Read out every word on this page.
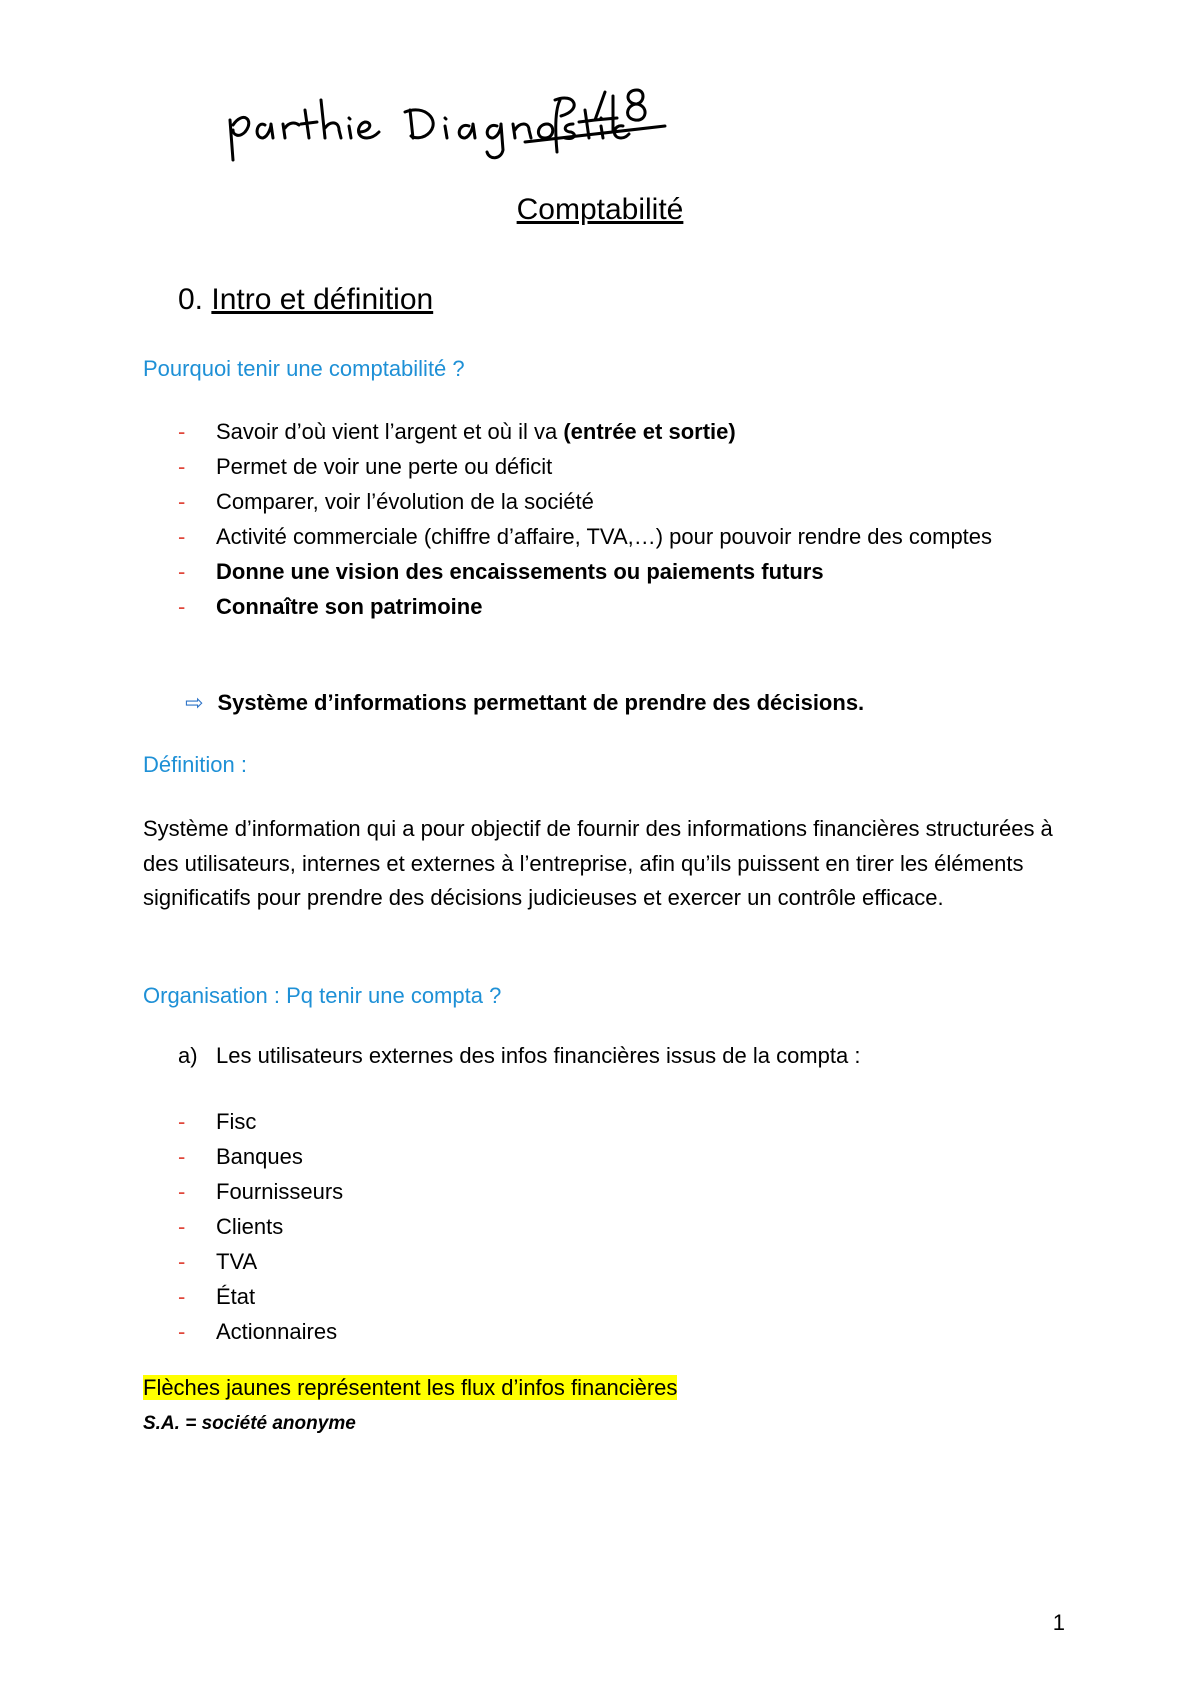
Comptabilité
0. Intro et définition
Pourquoi tenir une comptabilité ?
- Savoir d’où vient l’argent et où il va (entrée et sortie)
- Permet de voir une perte ou déficit
- Comparer, voir l’évolution de la société
- Activité commerciale (chiffre d’affaire, TVA,…) pour pouvoir rendre des comptes
- Donne une vision des encaissements ou paiements futurs
- Connaître son patrimoine
⇨ Système d’informations permettant de prendre des décisions.
Définition :

Système d’information qui a pour objectif de fournir des informations financières structurées à des utilisateurs, internes et externes à l’entreprise, afin qu’ils puissent en tirer les éléments significatifs pour prendre des décisions judicieuses et exercer un contrôle efficace.

Organisation : Pq tenir une compta ?
a) Les utilisateurs externes des infos financières issus de la compta :
- Fisc
- Banques
- Fournisseurs
- Clients
- TVA
- État
- Actionnaires
Flèches jaunes représentent les flux d’infos financières
S.A. = société anonyme
1
